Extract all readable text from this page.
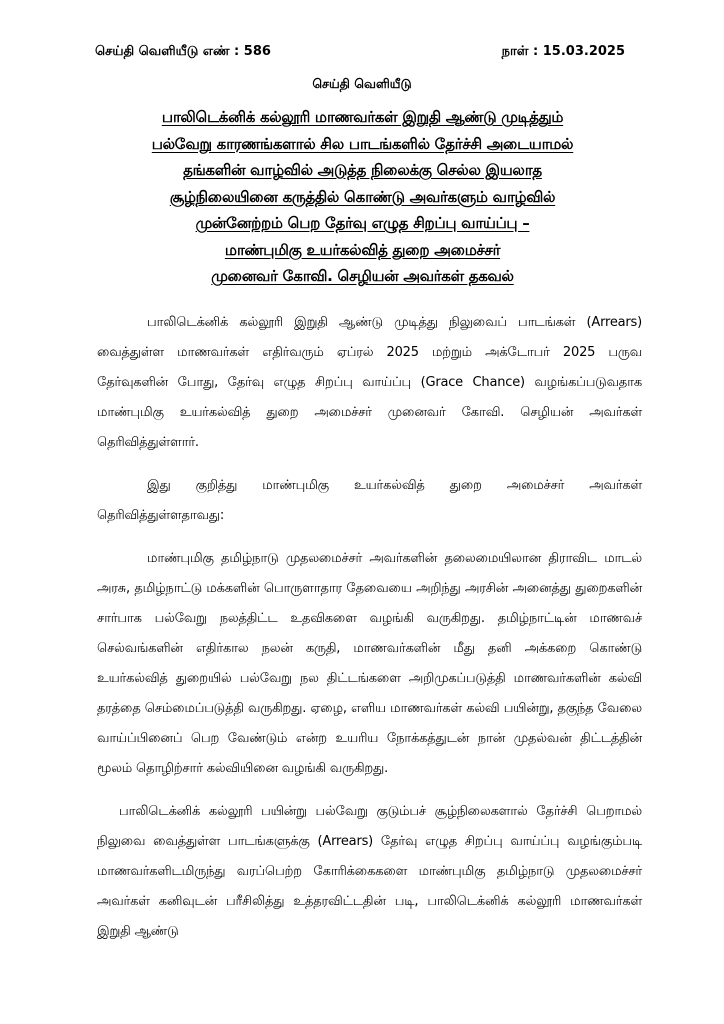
செய்தி வெளியீடு எண் : 586	நாள் : 15.03.2025
செய்தி வெளியீடு
பாலிடெக்னிக் கல்லூரி மாணவர்கள் இறுதி ஆண்டு முடித்தும்
பல்வேறு காரணங்களால் சில பாடங்களில் தேர்ச்சி அடையாமல்
தங்களின் வாழ்வில் அடுத்த நிலைக்கு செல்ல இயலாத
சூழ்நிலையினை கருத்தில் கொண்டு அவர்களும் வாழ்வில்
முன்னேற்றம் பெற தேர்வு எழுத சிறப்பு வாய்ப்பு –
மாண்புமிகு உயர்கல்வித் துறை அமைச்சர்
முனைவர் கோவி. செழியன் அவர்கள் தகவல்

பாலிடெக்னிக் கல்லூரி இறுதி ஆண்டு முடித்து நிலுவைப் பாடங்கள் (Arrears) வைத்துள்ள மாணவர்கள் எதிர்வரும் ஏப்ரல் 2025 மற்றும் அக்டோபர் 2025 பருவ தேர்வுகளின் போது, தேர்வு எழுத சிறப்பு வாய்ப்பு (Grace Chance) வழங்கப்படுவதாக மாண்புமிகு உயர்கல்வித் துறை அமைச்சர் முனைவர் கோவி. செழியன் அவர்கள் தெரிவித்துள்ளார்.

இது குறித்து மாண்புமிகு உயர்கல்வித் துறை அமைச்சர் அவர்கள் தெரிவித்துள்ளதாவது:

மாண்புமிகு தமிழ்நாடு முதலமைச்சர் அவர்களின் தலைமையிலான திராவிட மாடல் அரசு, தமிழ்நாட்டு மக்களின் பொருளாதார தேவையை அறிந்து அரசின் அனைத்து துறைகளின் சார்பாக பல்வேறு நலத்திட்ட உதவிகளை வழங்கி வருகிறது. தமிழ்நாட்டின் மாணவச் செல்வங்களின் எதிர்கால நலன் கருதி, மாணவர்களின் மீது தனி அக்கறை கொண்டு உயர்கல்வித் துறையில் பல்வேறு நல திட்டங்களை அறிமுகப்படுத்தி மாணவர்களின் கல்வி தரத்தை செம்மைப்படுத்தி வருகிறது. ஏழை, எளிய மாணவர்கள் கல்வி பயின்று, தகுந்த வேலை வாய்ப்பினைப் பெற வேண்டும் என்ற உயரிய நோக்கத்துடன் நான் முதல்வன் திட்டத்தின் மூலம் தொழிற்சார் கல்வியினை வழங்கி வருகிறது.

பாலிடெக்னிக் கல்லூரி பயின்று பல்வேறு குடும்பச் சூழ்நிலைகளால் தேர்ச்சி பெறாமல் நிலுவை வைத்துள்ள பாடங்களுக்கு (Arrears) தேர்வு எழுத சிறப்பு வாய்ப்பு வழங்கும்படி மாணவர்களிடமிருந்து வரப்பெற்ற கோரிக்கைகளை மாண்புமிகு தமிழ்நாடு முதலமைச்சர் அவர்கள் கனிவுடன் பரீசிலித்து உத்தரவிட்டதின் படி, பாலிடெக்னிக் கல்லூரி மாணவர்கள் இறுதி ஆண்டு
